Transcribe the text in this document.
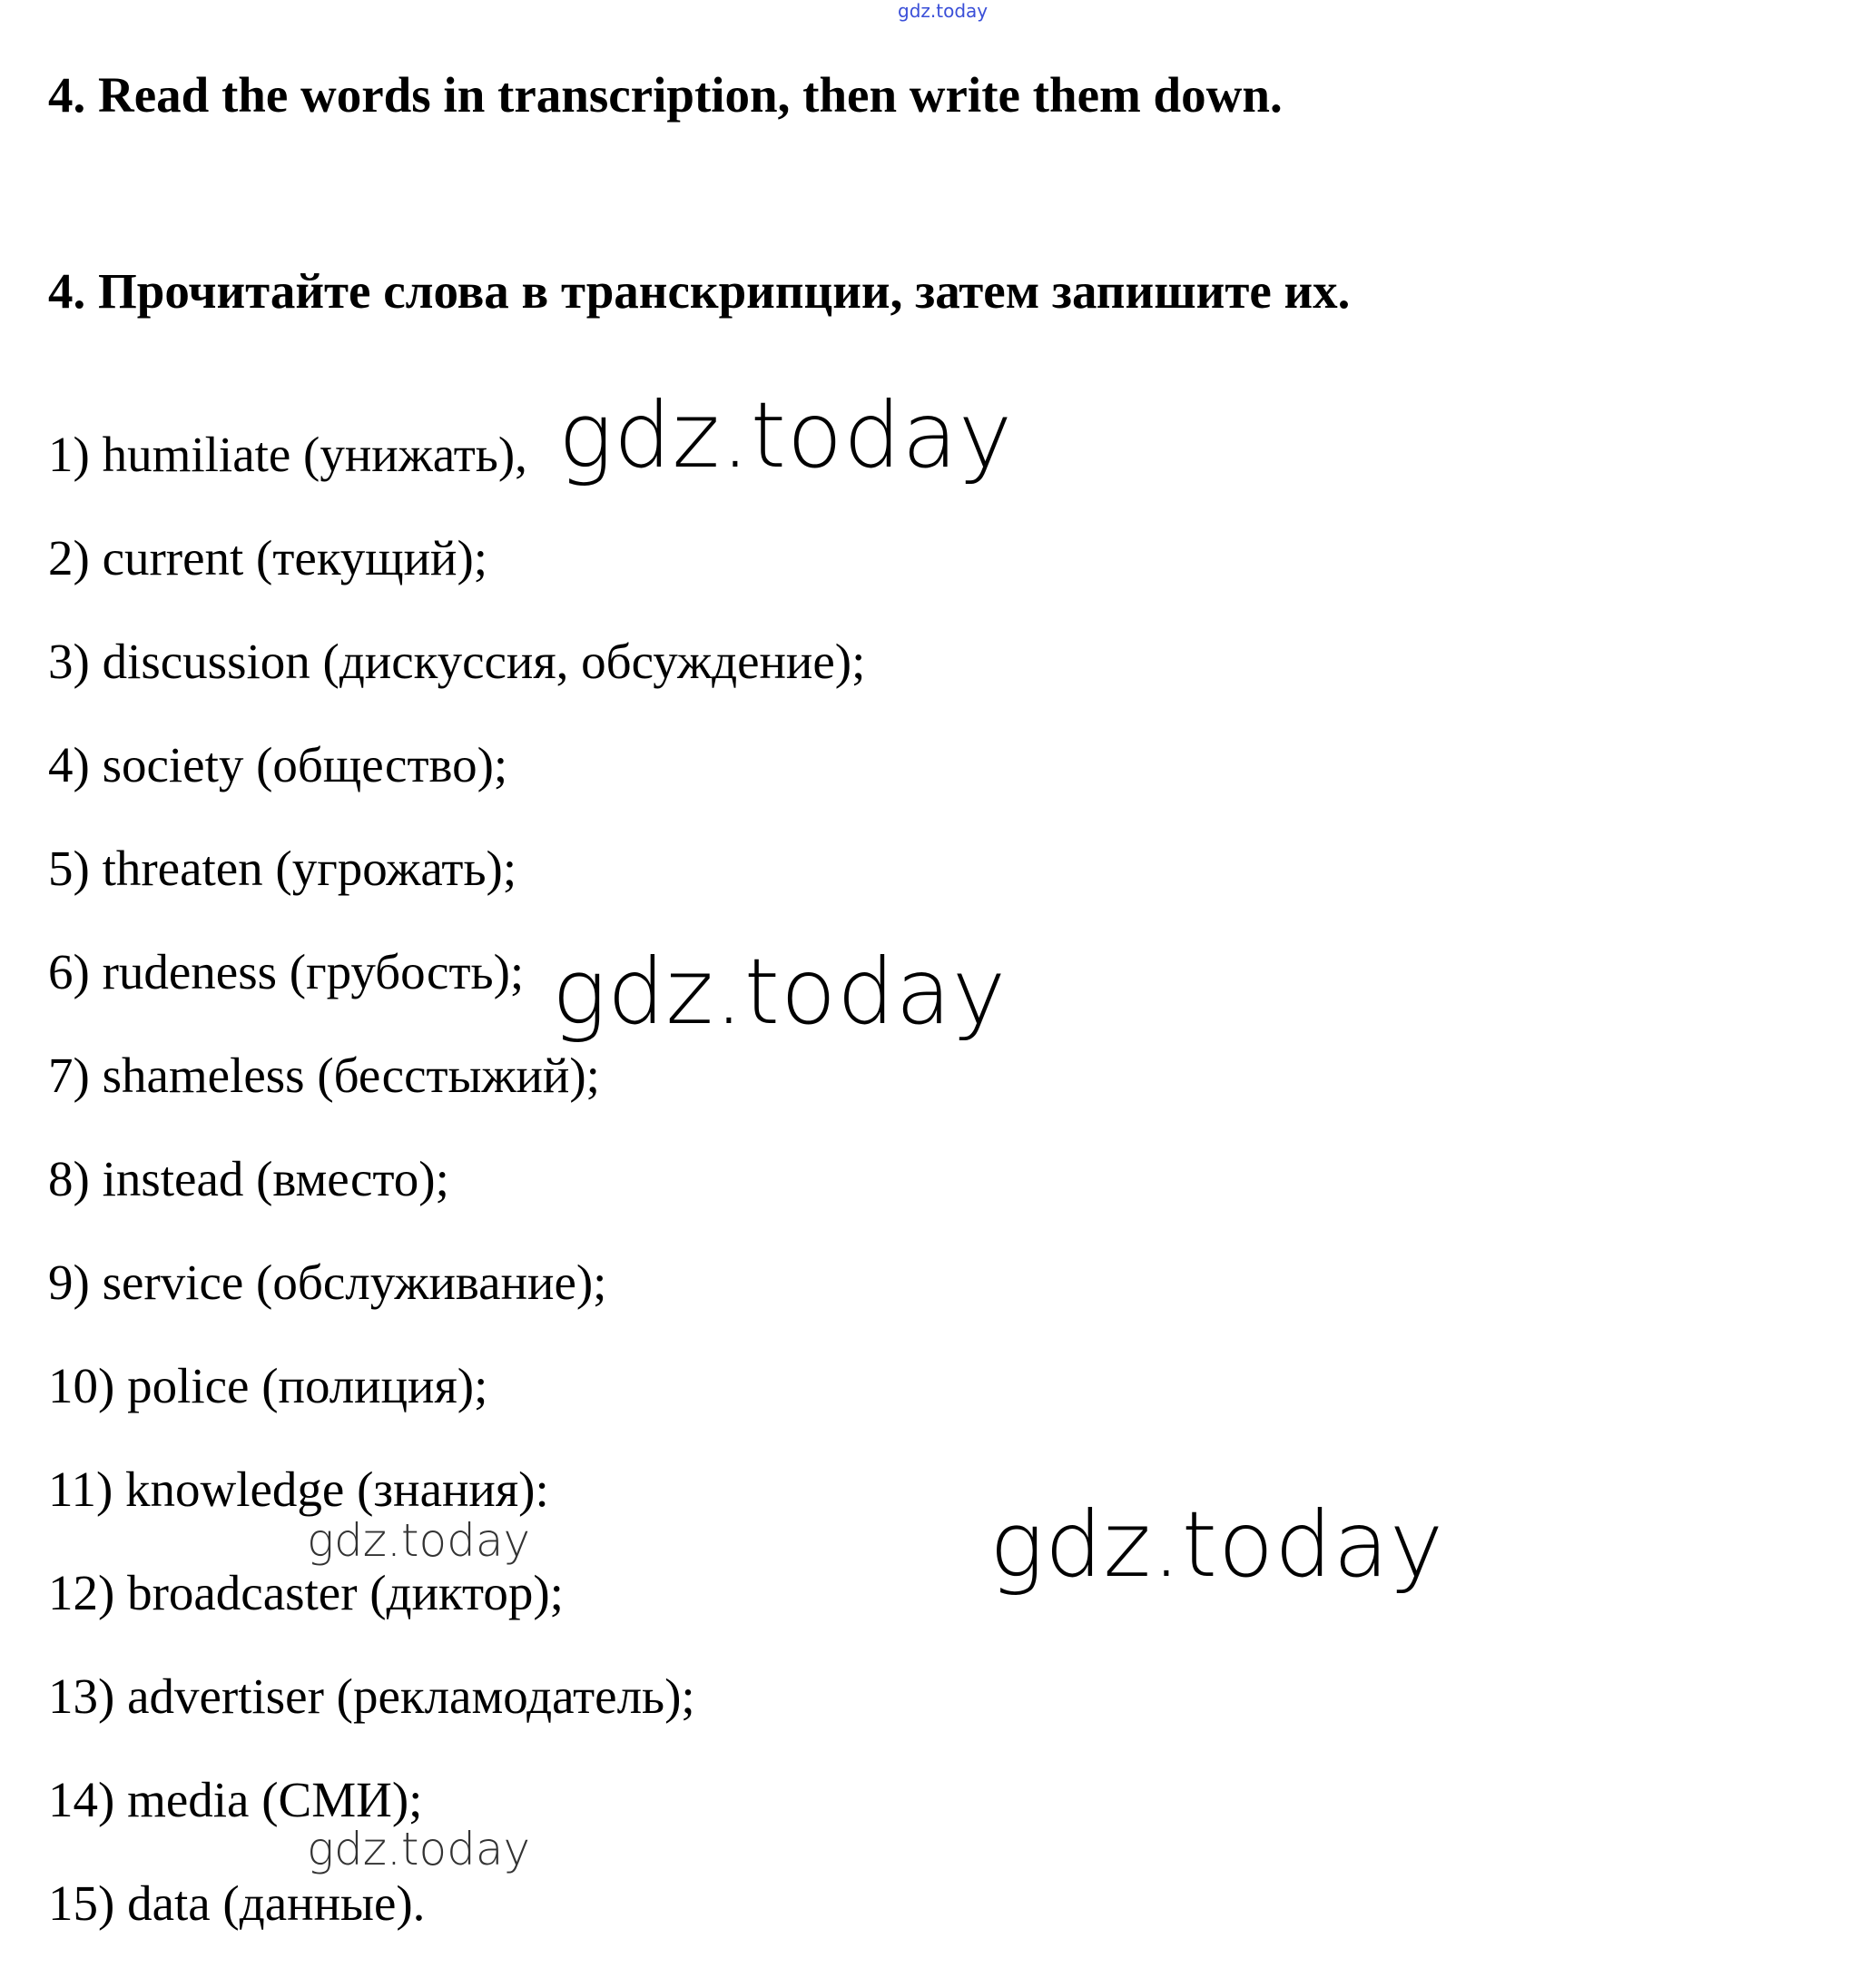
gdz.today
4. Read the words in transcription, then write them down.
4. Прочитайте слова в транскрипции, затем запишите их.
1) humiliate (унижать),
2) current (текущий);
3) discussion (дискуссия, обсуждение);
4) society (общество);
5) threaten (угрожать);
6) rudeness (грубость);
7) shameless (бесстыжий);
8) instead (вместо);
9) service (обслуживание);
10) police (полиция);
11) knowledge (знания):
12) broadcaster (диктор);
13) advertiser (рекламодатель);
14) media (СМИ);
15) data (данные).
gdz.today
gdz.today
gdz.today
gdz.today
gdz.today
